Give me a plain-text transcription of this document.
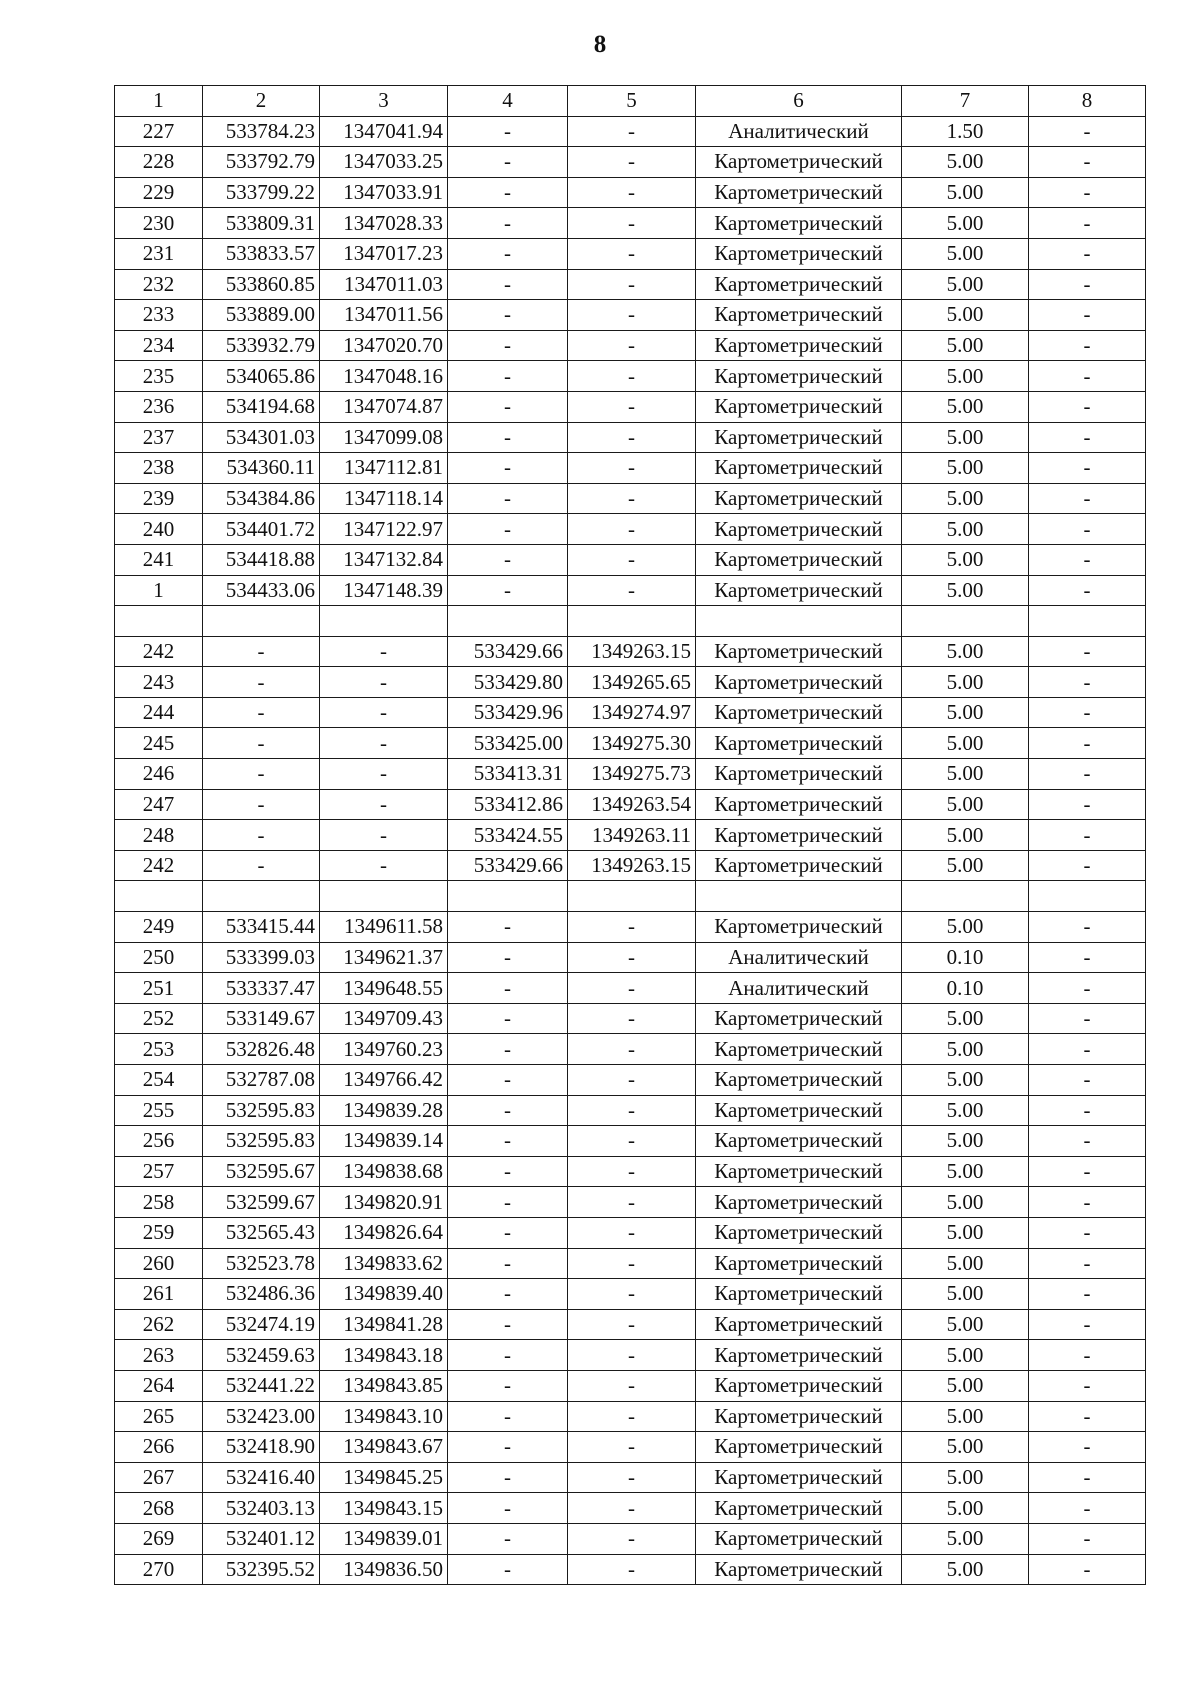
8
1	2	3	4	5	6	7	8
227	533784.23	1347041.94	-	-	Аналитический	1.50	-
228	533792.79	1347033.25	-	-	Картометрический	5.00	-
229	533799.22	1347033.91	-	-	Картометрический	5.00	-
230	533809.31	1347028.33	-	-	Картометрический	5.00	-
231	533833.57	1347017.23	-	-	Картометрический	5.00	-
232	533860.85	1347011.03	-	-	Картометрический	5.00	-
233	533889.00	1347011.56	-	-	Картометрический	5.00	-
234	533932.79	1347020.70	-	-	Картометрический	5.00	-
235	534065.86	1347048.16	-	-	Картометрический	5.00	-
236	534194.68	1347074.87	-	-	Картометрический	5.00	-
237	534301.03	1347099.08	-	-	Картометрический	5.00	-
238	534360.11	1347112.81	-	-	Картометрический	5.00	-
239	534384.86	1347118.14	-	-	Картометрический	5.00	-
240	534401.72	1347122.97	-	-	Картометрический	5.00	-
241	534418.88	1347132.84	-	-	Картометрический	5.00	-
1	534433.06	1347148.39	-	-	Картометрический	5.00	-

242	-	-	533429.66	1349263.15	Картометрический	5.00	-
243	-	-	533429.80	1349265.65	Картометрический	5.00	-
244	-	-	533429.96	1349274.97	Картометрический	5.00	-
245	-	-	533425.00	1349275.30	Картометрический	5.00	-
246	-	-	533413.31	1349275.73	Картометрический	5.00	-
247	-	-	533412.86	1349263.54	Картометрический	5.00	-
248	-	-	533424.55	1349263.11	Картометрический	5.00	-
242	-	-	533429.66	1349263.15	Картометрический	5.00	-

249	533415.44	1349611.58	-	-	Картометрический	5.00	-
250	533399.03	1349621.37	-	-	Аналитический	0.10	-
251	533337.47	1349648.55	-	-	Аналитический	0.10	-
252	533149.67	1349709.43	-	-	Картометрический	5.00	-
253	532826.48	1349760.23	-	-	Картометрический	5.00	-
254	532787.08	1349766.42	-	-	Картометрический	5.00	-
255	532595.83	1349839.28	-	-	Картометрический	5.00	-
256	532595.83	1349839.14	-	-	Картометрический	5.00	-
257	532595.67	1349838.68	-	-	Картометрический	5.00	-
258	532599.67	1349820.91	-	-	Картометрический	5.00	-
259	532565.43	1349826.64	-	-	Картометрический	5.00	-
260	532523.78	1349833.62	-	-	Картометрический	5.00	-
261	532486.36	1349839.40	-	-	Картометрический	5.00	-
262	532474.19	1349841.28	-	-	Картометрический	5.00	-
263	532459.63	1349843.18	-	-	Картометрический	5.00	-
264	532441.22	1349843.85	-	-	Картометрический	5.00	-
265	532423.00	1349843.10	-	-	Картометрический	5.00	-
266	532418.90	1349843.67	-	-	Картометрический	5.00	-
267	532416.40	1349845.25	-	-	Картометрический	5.00	-
268	532403.13	1349843.15	-	-	Картометрический	5.00	-
269	532401.12	1349839.01	-	-	Картометрический	5.00	-
270	532395.52	1349836.50	-	-	Картометрический	5.00	-
